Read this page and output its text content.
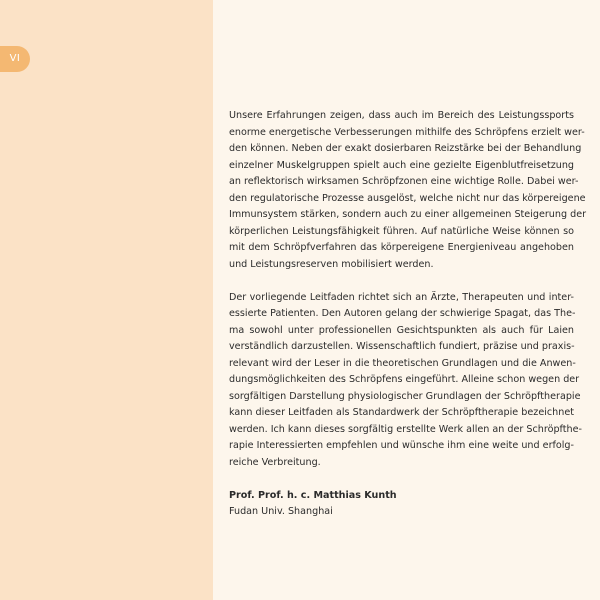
VI
Unsere Erfahrungen zeigen, dass auch im Bereich des Leistungssports
enorme energetische Verbesserungen mithilfe des Schröpfens erzielt wer-
den können. Neben der exakt dosierbaren Reizstärke bei der Behandlung
einzelner Muskelgruppen spielt auch eine gezielte Eigenblutfreisetzung
an reflektorisch wirksamen Schröpfzonen eine wichtige Rolle. Dabei wer-
den regulatorische Prozesse ausgelöst, welche nicht nur das körpereigene
Immunsystem stärken, sondern auch zu einer allgemeinen Steigerung der
körperlichen Leistungsfähigkeit führen. Auf natürliche Weise können so
mit dem Schröpfverfahren das körpereigene Energieniveau angehoben
und Leistungsreserven mobilisiert werden.
Der vorliegende Leitfaden richtet sich an Ärzte, Therapeuten und inter-
essierte Patienten. Den Autoren gelang der schwierige Spagat, das The-
ma sowohl unter professionellen Gesichtspunkten als auch für Laien
verständlich darzustellen. Wissenschaftlich fundiert, präzise und praxis-
relevant wird der Leser in die theoretischen Grundlagen und die Anwen-
dungsmöglichkeiten des Schröpfens eingeführt. Alleine schon wegen der
sorgfältigen Darstellung physiologischer Grundlagen der Schröpftherapie
kann dieser Leitfaden als Standardwerk der Schröpftherapie bezeichnet
werden. Ich kann dieses sorgfältig erstellte Werk allen an der Schröpfthe-
rapie Interessierten empfehlen und wünsche ihm eine weite und erfolg-
reiche Verbreitung.
Prof. Prof. h. c. Matthias Kunth
Fudan Univ. Shanghai
